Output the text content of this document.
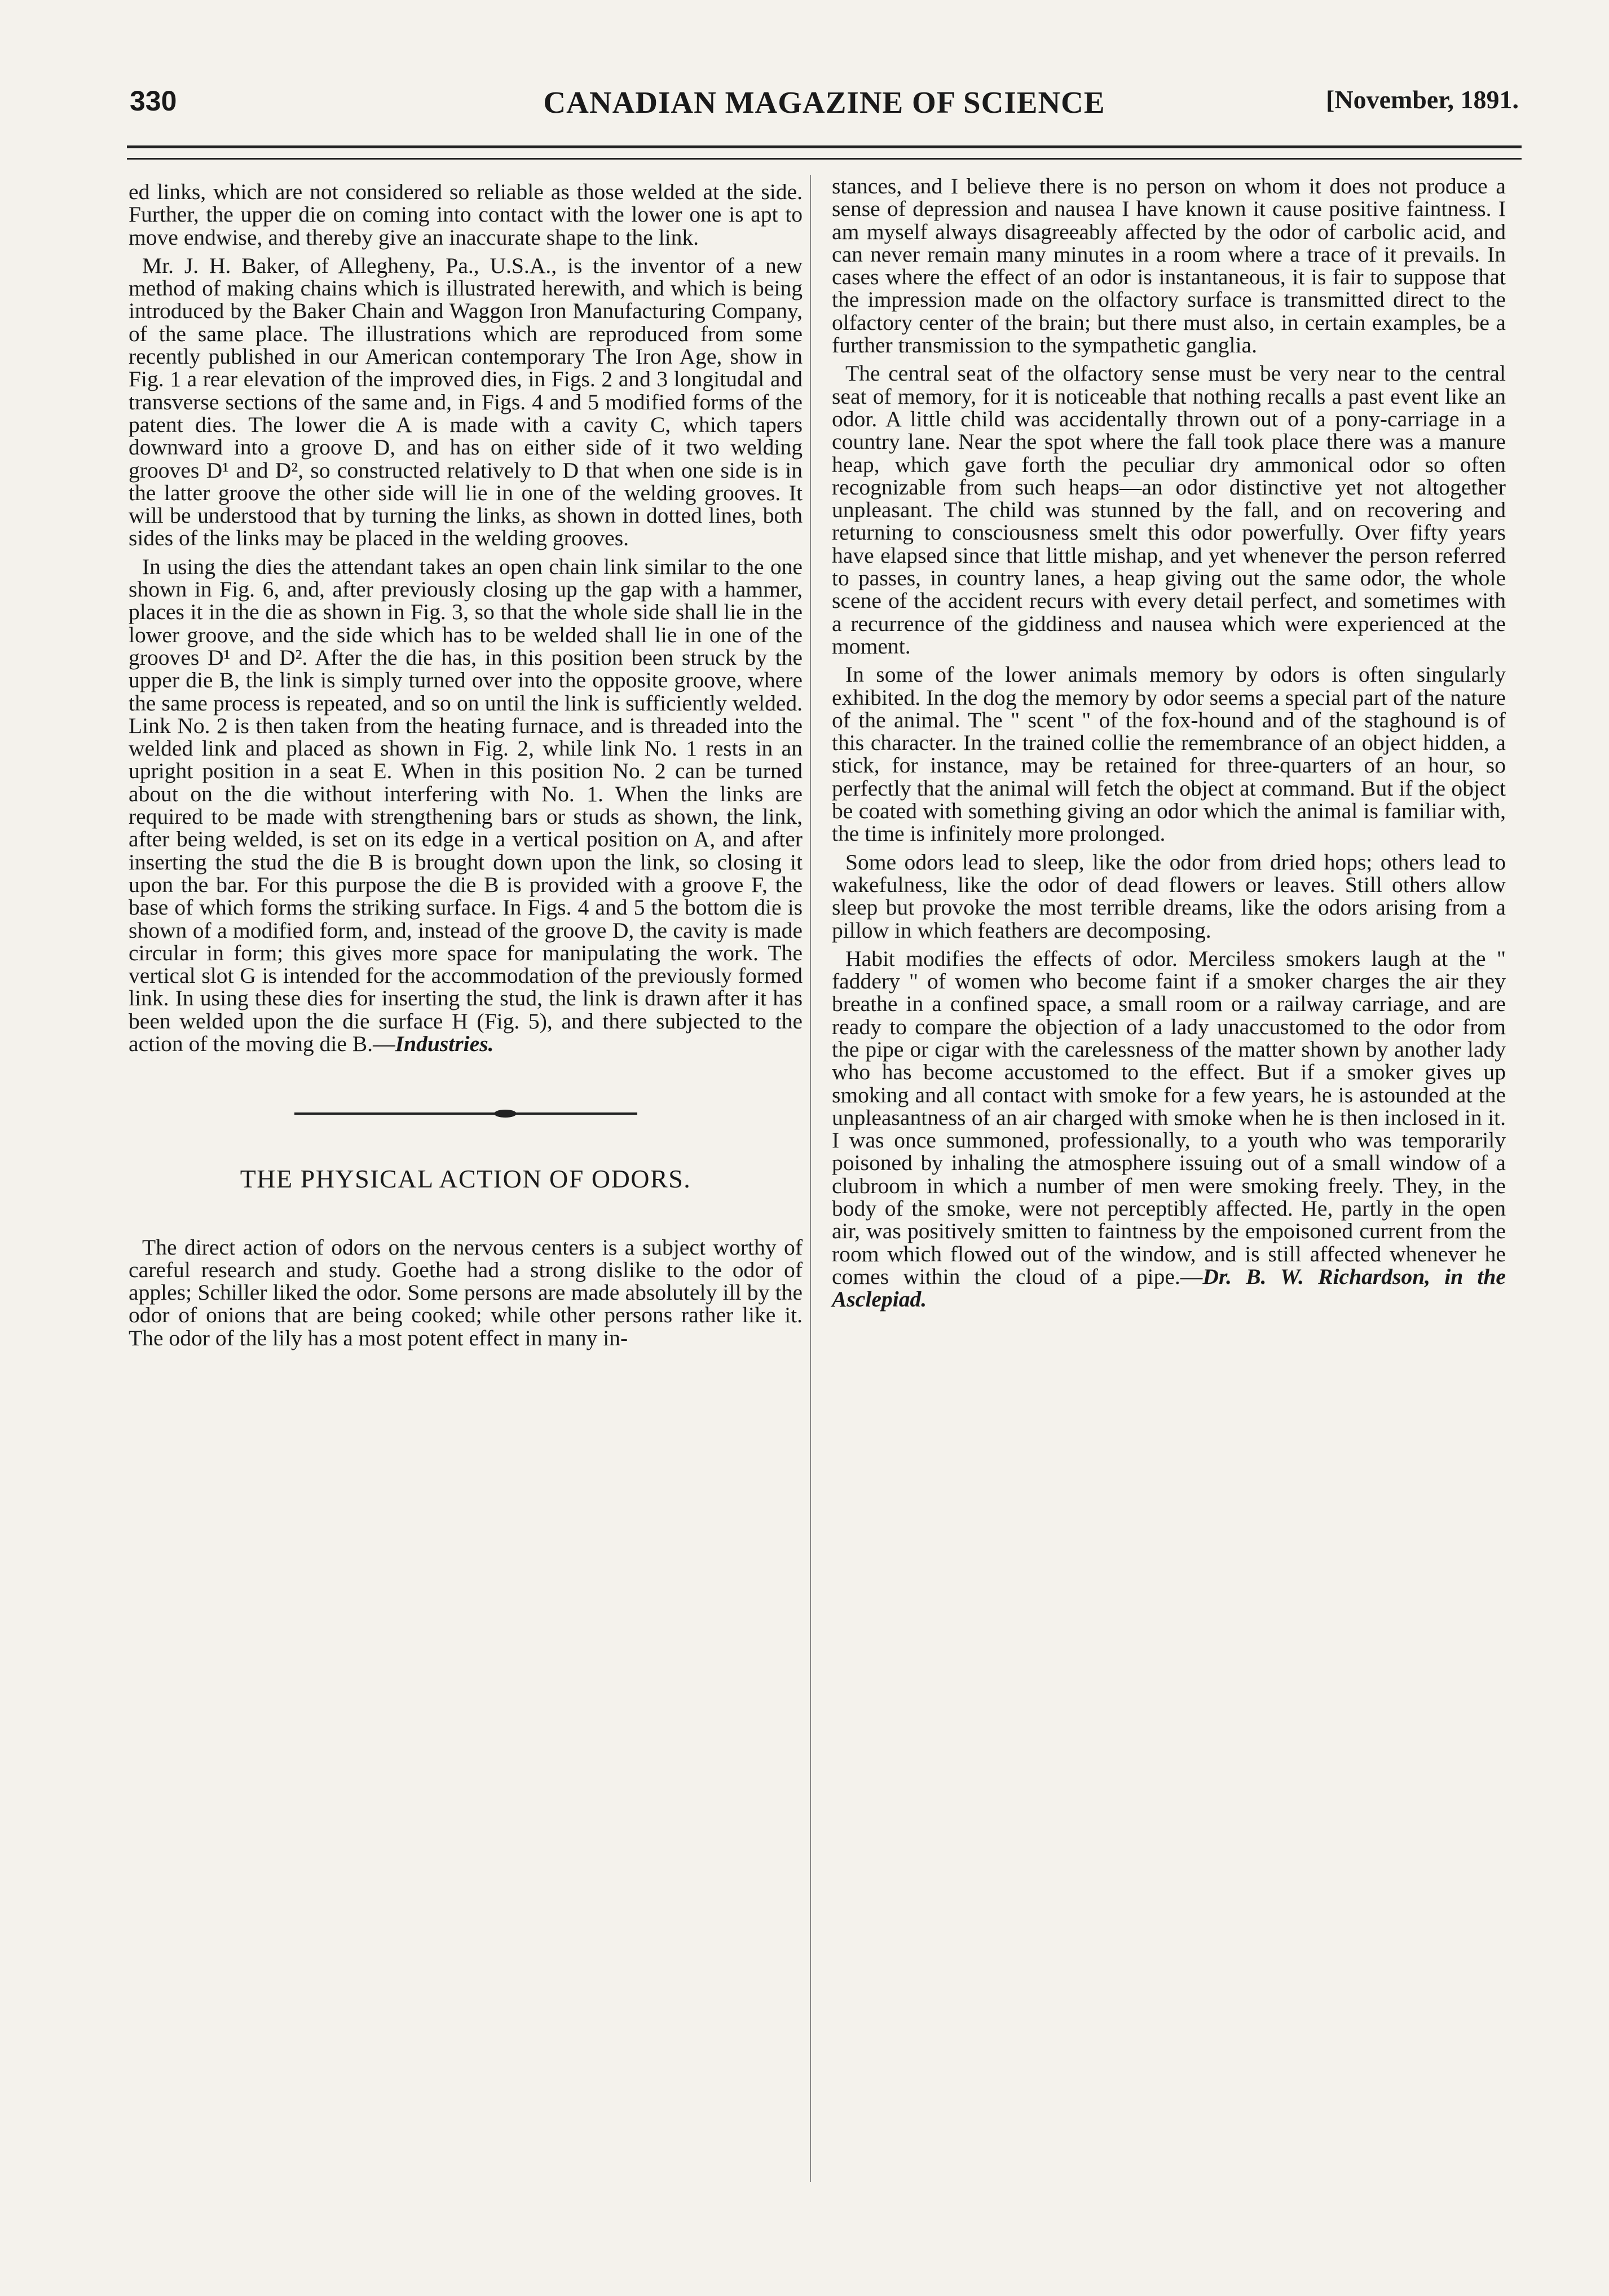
330	CANADIAN MAGAZINE OF SCIENCE	[November, 1891.

ed links, which are not considered so reliable as those welded at the side. Further, the upper die on coming into contact with the lower one is apt to move endwise, and thereby give an inaccurate shape to the link.

Mr. J. H. Baker, of Allegheny, Pa., U.S.A., is the inventor of a new method of making chains which is illustrated herewith, and which is being introduced by the Baker Chain and Waggon Iron Manufacturing Company, of the same place. The illustrations which are reproduced from some recently published in our American contemporary The Iron Age, show in Fig. 1 a rear elevation of the improved dies, in Figs. 2 and 3 longitudal and transverse sections of the same and, in Figs. 4 and 5 modified forms of the patent dies. The lower die A is made with a cavity C, which tapers downward into a groove D, and has on either side of it two welding grooves D¹ and D², so constructed relatively to D that when one side is in the latter groove the other side will lie in one of the welding grooves. It will be understood that by turning the links, as shown in dotted lines, both sides of the links may be placed in the welding grooves.

In using the dies the attendant takes an open chain link similar to the one shown in Fig. 6, and, after previously closing up the gap with a hammer, places it in the die as shown in Fig. 3, so that the whole side shall lie in the lower groove, and the side which has to be welded shall lie in one of the grooves D¹ and D². After the die has, in this position been struck by the upper die B, the link is simply turned over into the opposite groove, where the same process is repeated, and so on until the link is sufficiently welded. Link No. 2 is then taken from the heating furnace, and is threaded into the welded link and placed as shown in Fig. 2, while link No. 1 rests in an upright position in a seat E. When in this position No. 2 can be turned about on the die without interfering with No. 1. When the links are required to be made with strengthening bars or studs as shown, the link, after being welded, is set on its edge in a vertical position on A, and after inserting the stud the die B is brought down upon the link, so closing it upon the bar. For this purpose the die B is provided with a groove F, the base of which forms the striking surface. In Figs. 4 and 5 the bottom die is shown of a modified form, and, instead of the groove D, the cavity is made circular in form; this gives more space for manipulating the work. The vertical slot G is intended for the accommodation of the previously formed link. In using these dies for inserting the stud, the link is drawn after it has been welded upon the die surface H (Fig. 5), and there subjected to the action of the moving die B.—Industries.

THE PHYSICAL ACTION OF ODORS.

The direct action of odors on the nervous centers is a subject worthy of careful research and study. Goethe had a strong dislike to the odor of apples; Schiller liked the odor. Some persons are made absolutely ill by the odor of onions that are being cooked; while other persons rather like it. The odor of the lily has a most potent effect in many in-

stances, and I believe there is no person on whom it does not produce a sense of depression and nausea I have known it cause positive faintness. I am myself always disagreeably affected by the odor of carbolic acid, and can never remain many minutes in a room where a trace of it prevails. In cases where the effect of an odor is instantaneous, it is fair to suppose that the impression made on the olfactory surface is transmitted direct to the olfactory center of the brain; but there must also, in certain examples, be a further transmission to the sympathetic ganglia.

The central seat of the olfactory sense must be very near to the central seat of memory, for it is noticeable that nothing recalls a past event like an odor. A little child was accidentally thrown out of a pony-carriage in a country lane. Near the spot where the fall took place there was a manure heap, which gave forth the peculiar dry ammonical odor so often recognizable from such heaps—an odor distinctive yet not altogether unpleasant. The child was stunned by the fall, and on recovering and returning to consciousness smelt this odor powerfully. Over fifty years have elapsed since that little mishap, and yet whenever the person referred to passes, in country lanes, a heap giving out the same odor, the whole scene of the accident recurs with every detail perfect, and sometimes with a recurrence of the giddiness and nausea which were experienced at the moment.

In some of the lower animals memory by odors is often singularly exhibited. In the dog the memory by odor seems a special part of the nature of the animal. The " scent " of the fox-hound and of the staghound is of this character. In the trained collie the remembrance of an object hidden, a stick, for instance, may be retained for three-quarters of an hour, so perfectly that the animal will fetch the object at command. But if the object be coated with something giving an odor which the animal is familiar with, the time is infinitely more prolonged.

Some odors lead to sleep, like the odor from dried hops; others lead to wakefulness, like the odor of dead flowers or leaves. Still others allow sleep but provoke the most terrible dreams, like the odors arising from a pillow in which feathers are decomposing.

Habit modifies the effects of odor. Merciless smokers laugh at the " faddery " of women who become faint if a smoker charges the air they breathe in a confined space, a small room or a railway carriage, and are ready to compare the objection of a lady unaccustomed to the odor from the pipe or cigar with the carelessness of the matter shown by another lady who has become accustomed to the effect. But if a smoker gives up smoking and all contact with smoke for a few years, he is astounded at the unpleasantness of an air charged with smoke when he is then inclosed in it. I was once summoned, professionally, to a youth who was temporarily poisoned by inhaling the atmosphere issuing out of a small window of a clubroom in which a number of men were smoking freely. They, in the body of the smoke, were not perceptibly affected. He, partly in the open air, was positively smitten to faintness by the empoisoned current from the room which flowed out of the window, and is still affected whenever he comes within the cloud of a pipe.—Dr. B. W. Richardson, in the Asclepiad.
